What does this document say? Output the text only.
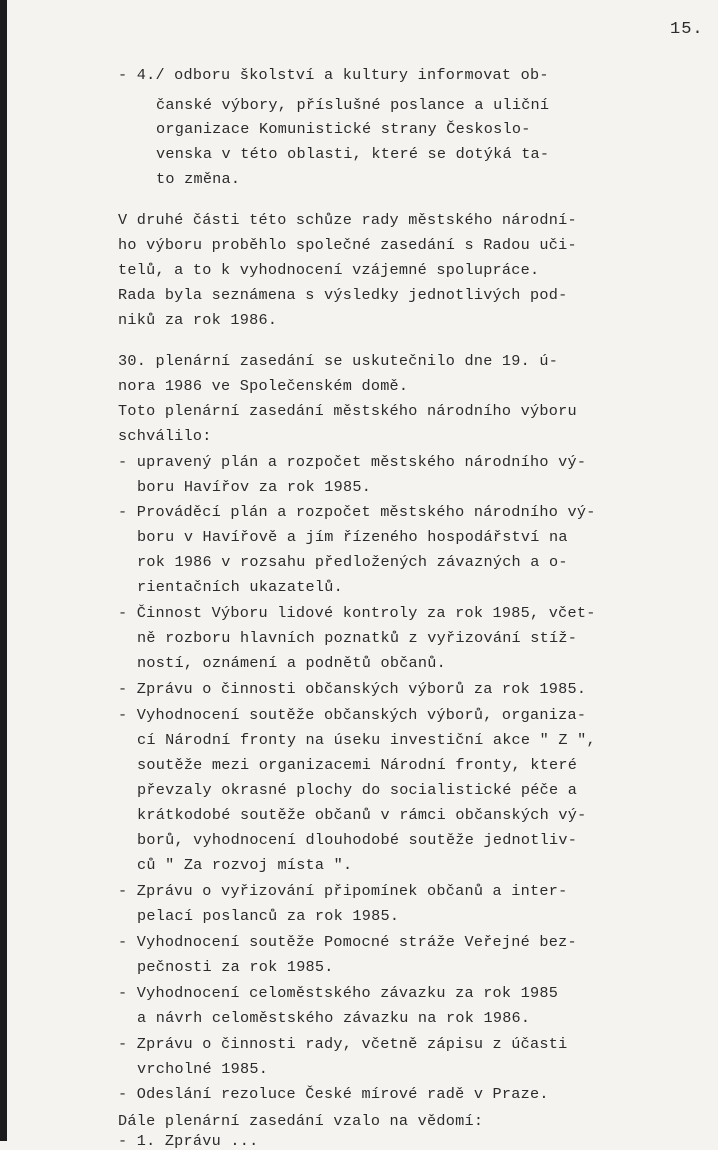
15.
- 4./ odboru školství a kultury informovat ob-
čanské výbory, příslušné poslance a uliční
organizace Komunistické strany Českoslo-
venska v této oblasti, které se dotýká ta-
to změna.
V druhé části této schůze rady městského národní-
ho výboru proběhlo společné zasedání s Radou uči-
telů, a to k vyhodnocení vzájemné spolupráce.
Rada byla seznámena s výsledky jednotlivých pod-
niků za rok 1986.
30. plenární zasedání se uskutečnilo dne 19. ú-
nora 1986 ve Společenském domě.
Toto plenární zasedání městského národního výboru
schválilo:
- upravený plán a rozpočet městského národního vý-
boru Havířov za rok 1985.
- Prováděcí plán a rozpočet městského národního vý-
boru v Havířově a jím řízeného hospodářství na
rok 1986 v rozsahu předložených závazných a o-
rientačních ukazatelů.
- Činnost Výboru lidové kontroly za rok 1985, včet-
ně rozboru hlavních poznatků z vyřizování stíž-
ností, oznámení a podnětů občanů.
- Zprávu o činnosti občanských výborů za rok 1985.
- Vyhodnocení soutěže občanských výborů, organiza-
cí Národní fronty na úseku investiční akce " Z ",
soutěže mezi organizacemi Národní fronty, které
převzaly okrasné plochy do socialistické péče a
krátkodobé soutěže občanů v rámci občanských vý-
borů, vyhodnocení dlouhodobé soutěže jednotliv-
ců " Za rozvoj místa ".
- Zprávu o vyřizování připomínek občanů a inter-
pelací poslanců za rok 1985.
- Vyhodnocení soutěže Pomocné stráže Veřejné bez-
pečnosti za rok 1985.
- Vyhodnocení celoměstského závazku za rok 1985
a návrh celoměstského závazku na rok 1986.
- Zprávu o činnosti rady, včetně zápisu z účasti
vrcholné 1985.
- Odeslání rezoluce České mírové radě v Praze.
Dále plenární zasedání vzalo na vědomí:
- 1. Zprávu ...
